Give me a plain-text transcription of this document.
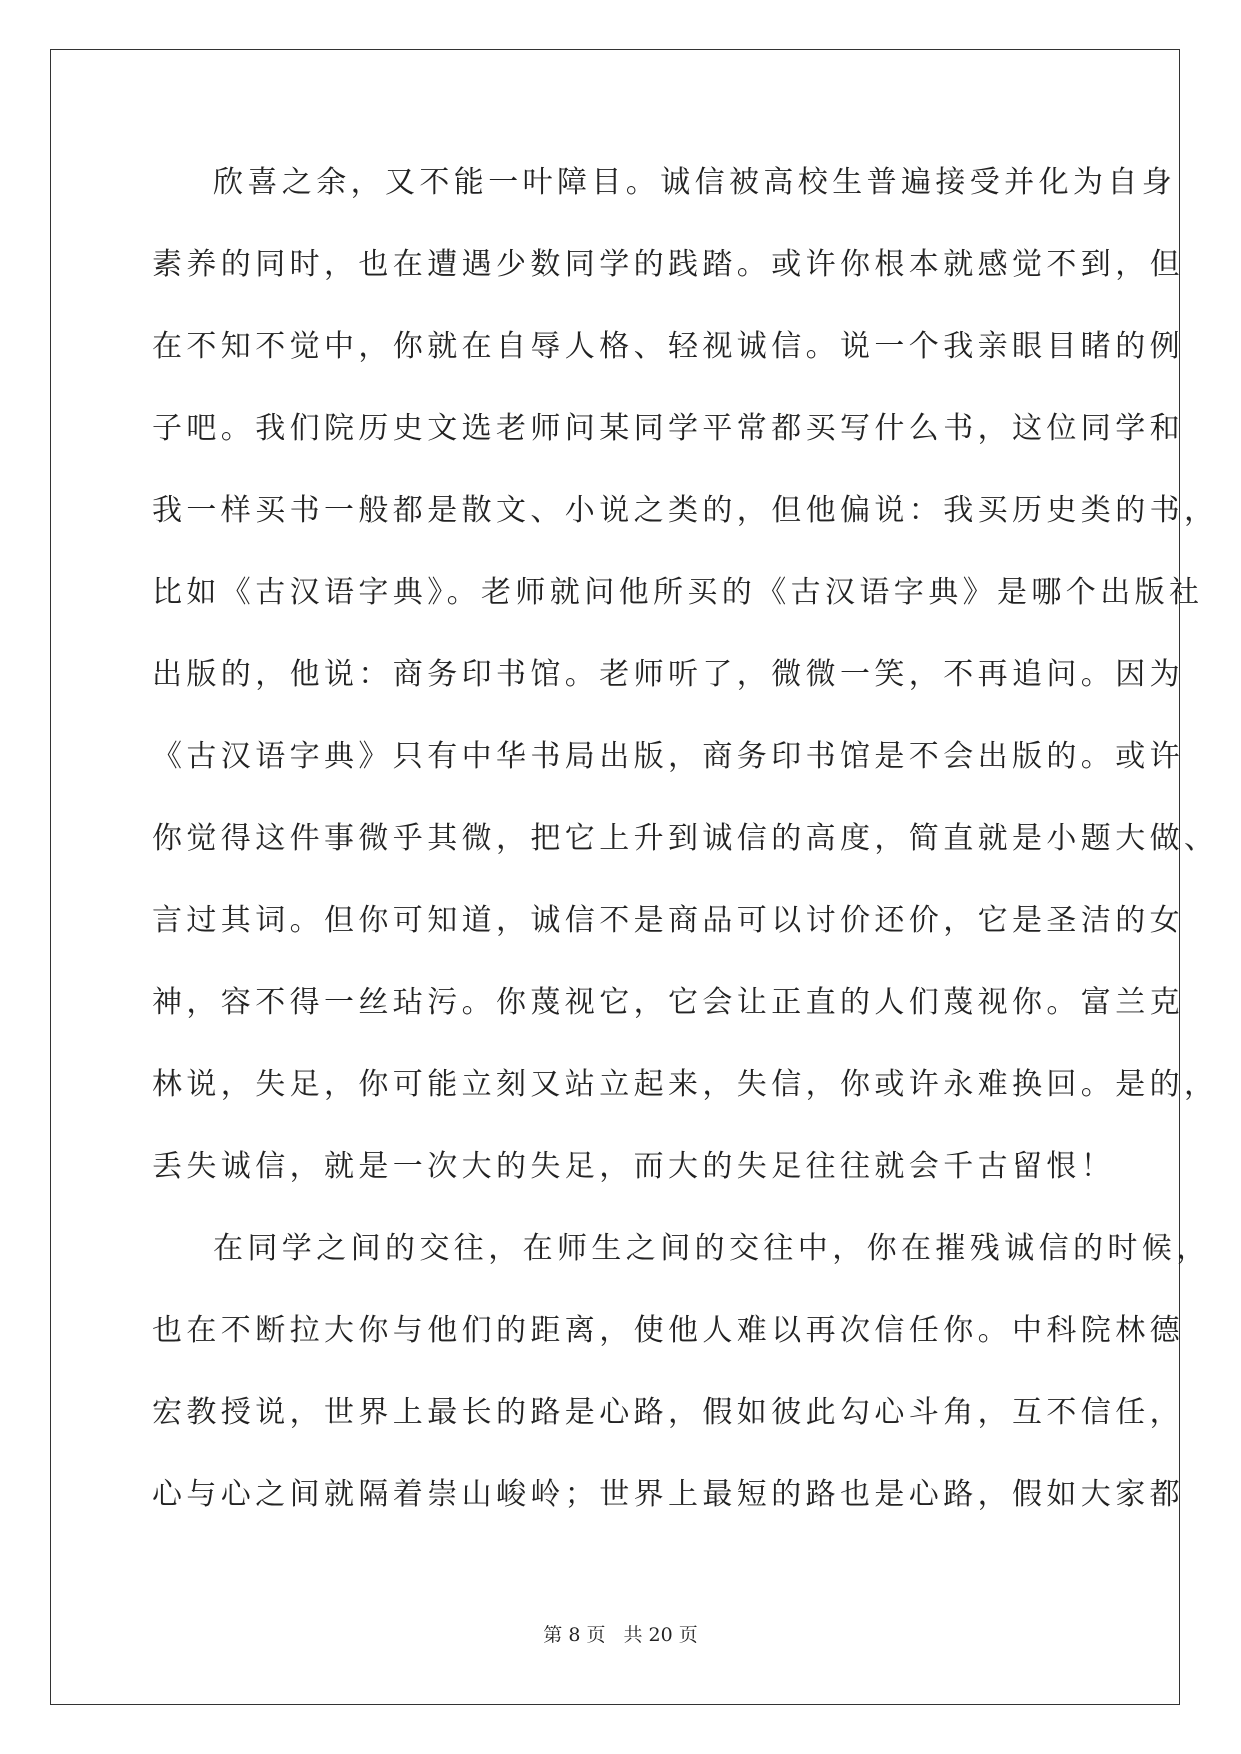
欣喜之余，又不能一叶障目。诚信被高校生普遍接受并化为自身
素养的同时，也在遭遇少数同学的践踏。或许你根本就感觉不到，但
在不知不觉中，你就在自辱人格、轻视诚信。说一个我亲眼目睹的例
子吧。我们院历史文选老师问某同学平常都买写什么书，这位同学和
我一样买书一般都是散文、小说之类的，但他偏说：我买历史类的书，
比如《古汉语字典》。老师就问他所买的《古汉语字典》是哪个出版社
出版的，他说：商务印书馆。老师听了，微微一笑，不再追问。因为
《古汉语字典》只有中华书局出版，商务印书馆是不会出版的。或许
你觉得这件事微乎其微，把它上升到诚信的高度，简直就是小题大做、
言过其词。但你可知道，诚信不是商品可以讨价还价，它是圣洁的女
神，容不得一丝玷污。你蔑视它，它会让正直的人们蔑视你。富兰克
林说，失足，你可能立刻又站立起来，失信，你或许永难换回。是的，
丢失诚信，就是一次大的失足，而大的失足往往就会千古留恨！

在同学之间的交往，在师生之间的交往中，你在摧残诚信的时候，
也在不断拉大你与他们的距离，使他人难以再次信任你。中科院林德
宏教授说，世界上最长的路是心路，假如彼此勾心斗角，互不信任，
心与心之间就隔着崇山峻岭；世界上最短的路也是心路，假如大家都

第 8 页 共 20 页
